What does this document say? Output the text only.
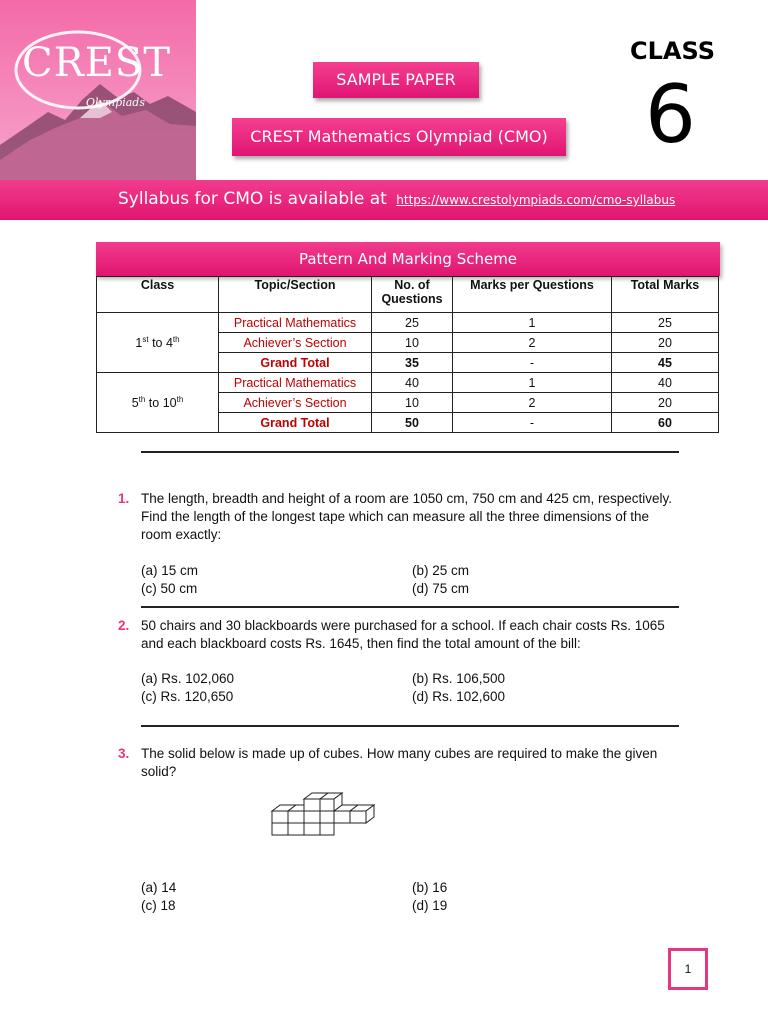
CREST
Olympiads
SAMPLE PAPER
CREST Mathematics Olympiad (CMO)
CLASS
6
Syllabus for CMO is available at https://www.crestolympiads.com/cmo-syllabus
Pattern And Marking Scheme
Class	Topic/Section	No. of Questions	Marks per Questions	Total Marks
1st to 4th	Practical Mathematics	25	1	25
	Achiever’s Section	10	2	20
	Grand Total	35	-	45
5th to 10th	Practical Mathematics	40	1	40
	Achiever’s Section	10	2	20
	Grand Total	50	-	60
1. The length, breadth and height of a room are 1050 cm, 750 cm and 425 cm, respectively. Find the length of the longest tape which can measure all the three dimensions of the room exactly:
(a) 15 cm	(b) 25 cm
(c) 50 cm	(d) 75 cm
2. 50 chairs and 30 blackboards were purchased for a school. If each chair costs Rs. 1065 and each blackboard costs Rs. 1645, then find the total amount of the bill:
(a) Rs. 102,060	(b) Rs. 106,500
(c) Rs. 120,650	(d) Rs. 102,600
3. The solid below is made up of cubes. How many cubes are required to make the given solid?
(a) 14	(b) 16
(c) 18	(d) 19
1
